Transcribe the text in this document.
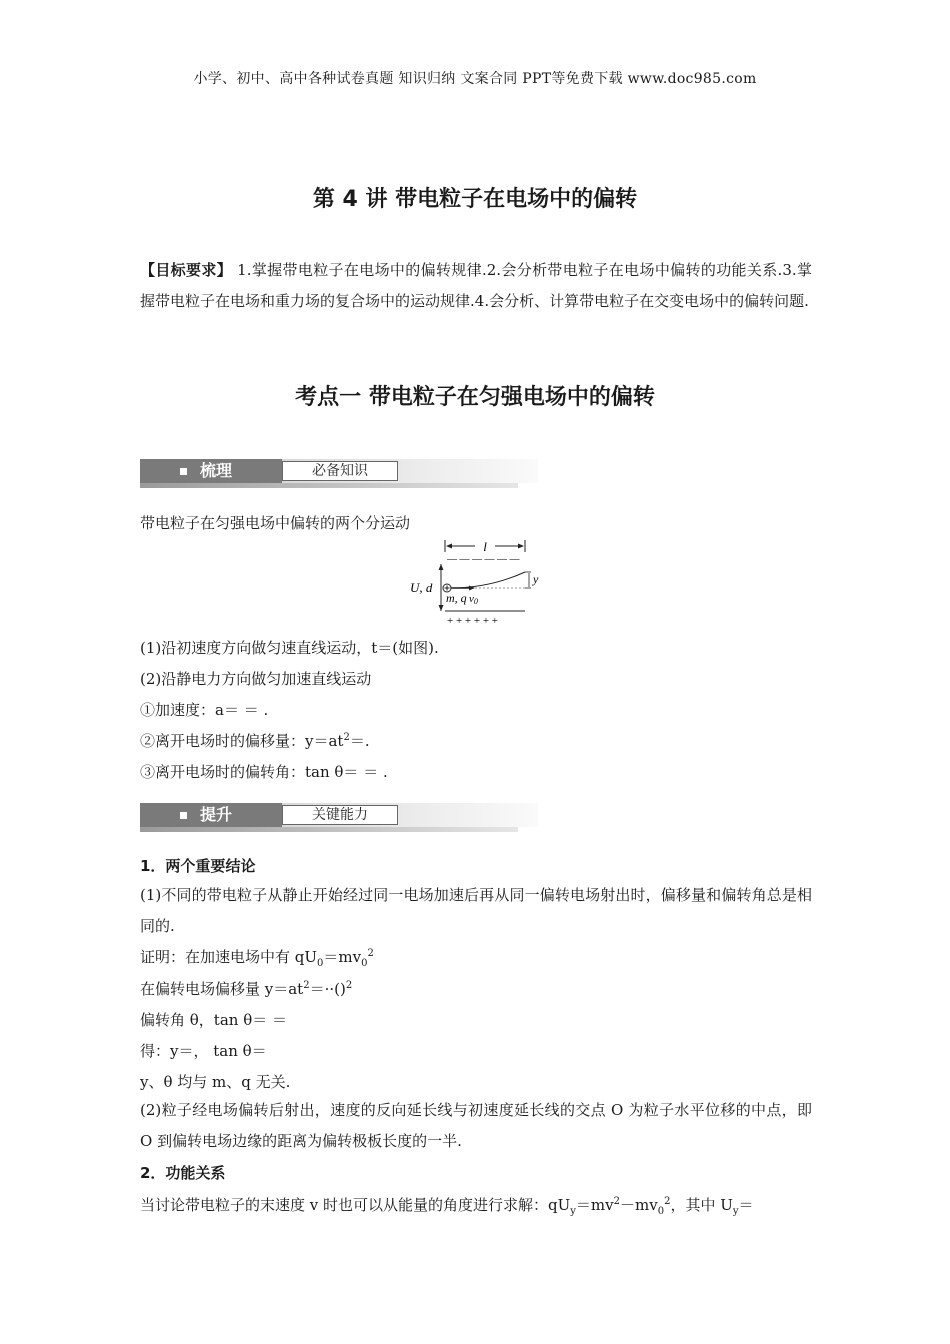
小学、初中、高中各种试卷真题 知识归纳 文案合同 PPT等免费下载 www.doc985.com
第 4 讲 带电粒子在电场中的偏转
【目标要求】 1.掌握带电粒子在电场中的偏转规律.2.会分析带电粒子在电场中偏转的功能关系.3.掌握带电粒子在电场和重力场的复合场中的运动规律.4.会分析、计算带电粒子在交变电场中的偏转问题.
考点一 带电粒子在匀强电场中的偏转
梳理	必备知识
带电粒子在匀强电场中偏转的两个分运动
l
— — — — — —
U, d
y
m, q v0
+ + + + + +
(1)沿初速度方向做匀速直线运动，t＝(如图).
(2)沿静电力方向做匀加速直线运动
①加速度：a＝ ＝ .
②离开电场时的偏移量：$y=at^2=$.
③离开电场时的偏转角：tan θ＝ ＝ .
提升	关键能力
1．两个重要结论
(1)不同的带电粒子从静止开始经过同一电场加速后再从同一偏转电场射出时，偏移量和偏转角总是相同的.
证明：在加速电场中有 $qU_0=mv_0^2$
在偏转电场偏移量 $y=at^2=\cdot\cdot()^2$
偏转角 θ，tan θ＝ ＝
得：y＝， tan θ＝
y、θ 均与 m、q 无关.
(2)粒子经电场偏转后射出，速度的反向延长线与初速度延长线的交点 O 为粒子水平位移的中点，即 O 到偏转电场边缘的距离为偏转极板长度的一半.
2．功能关系
当讨论带电粒子的末速度 v 时也可以从能量的角度进行求解：$qU_y=mv^2-mv_0^2$，其中 $U_y=$
